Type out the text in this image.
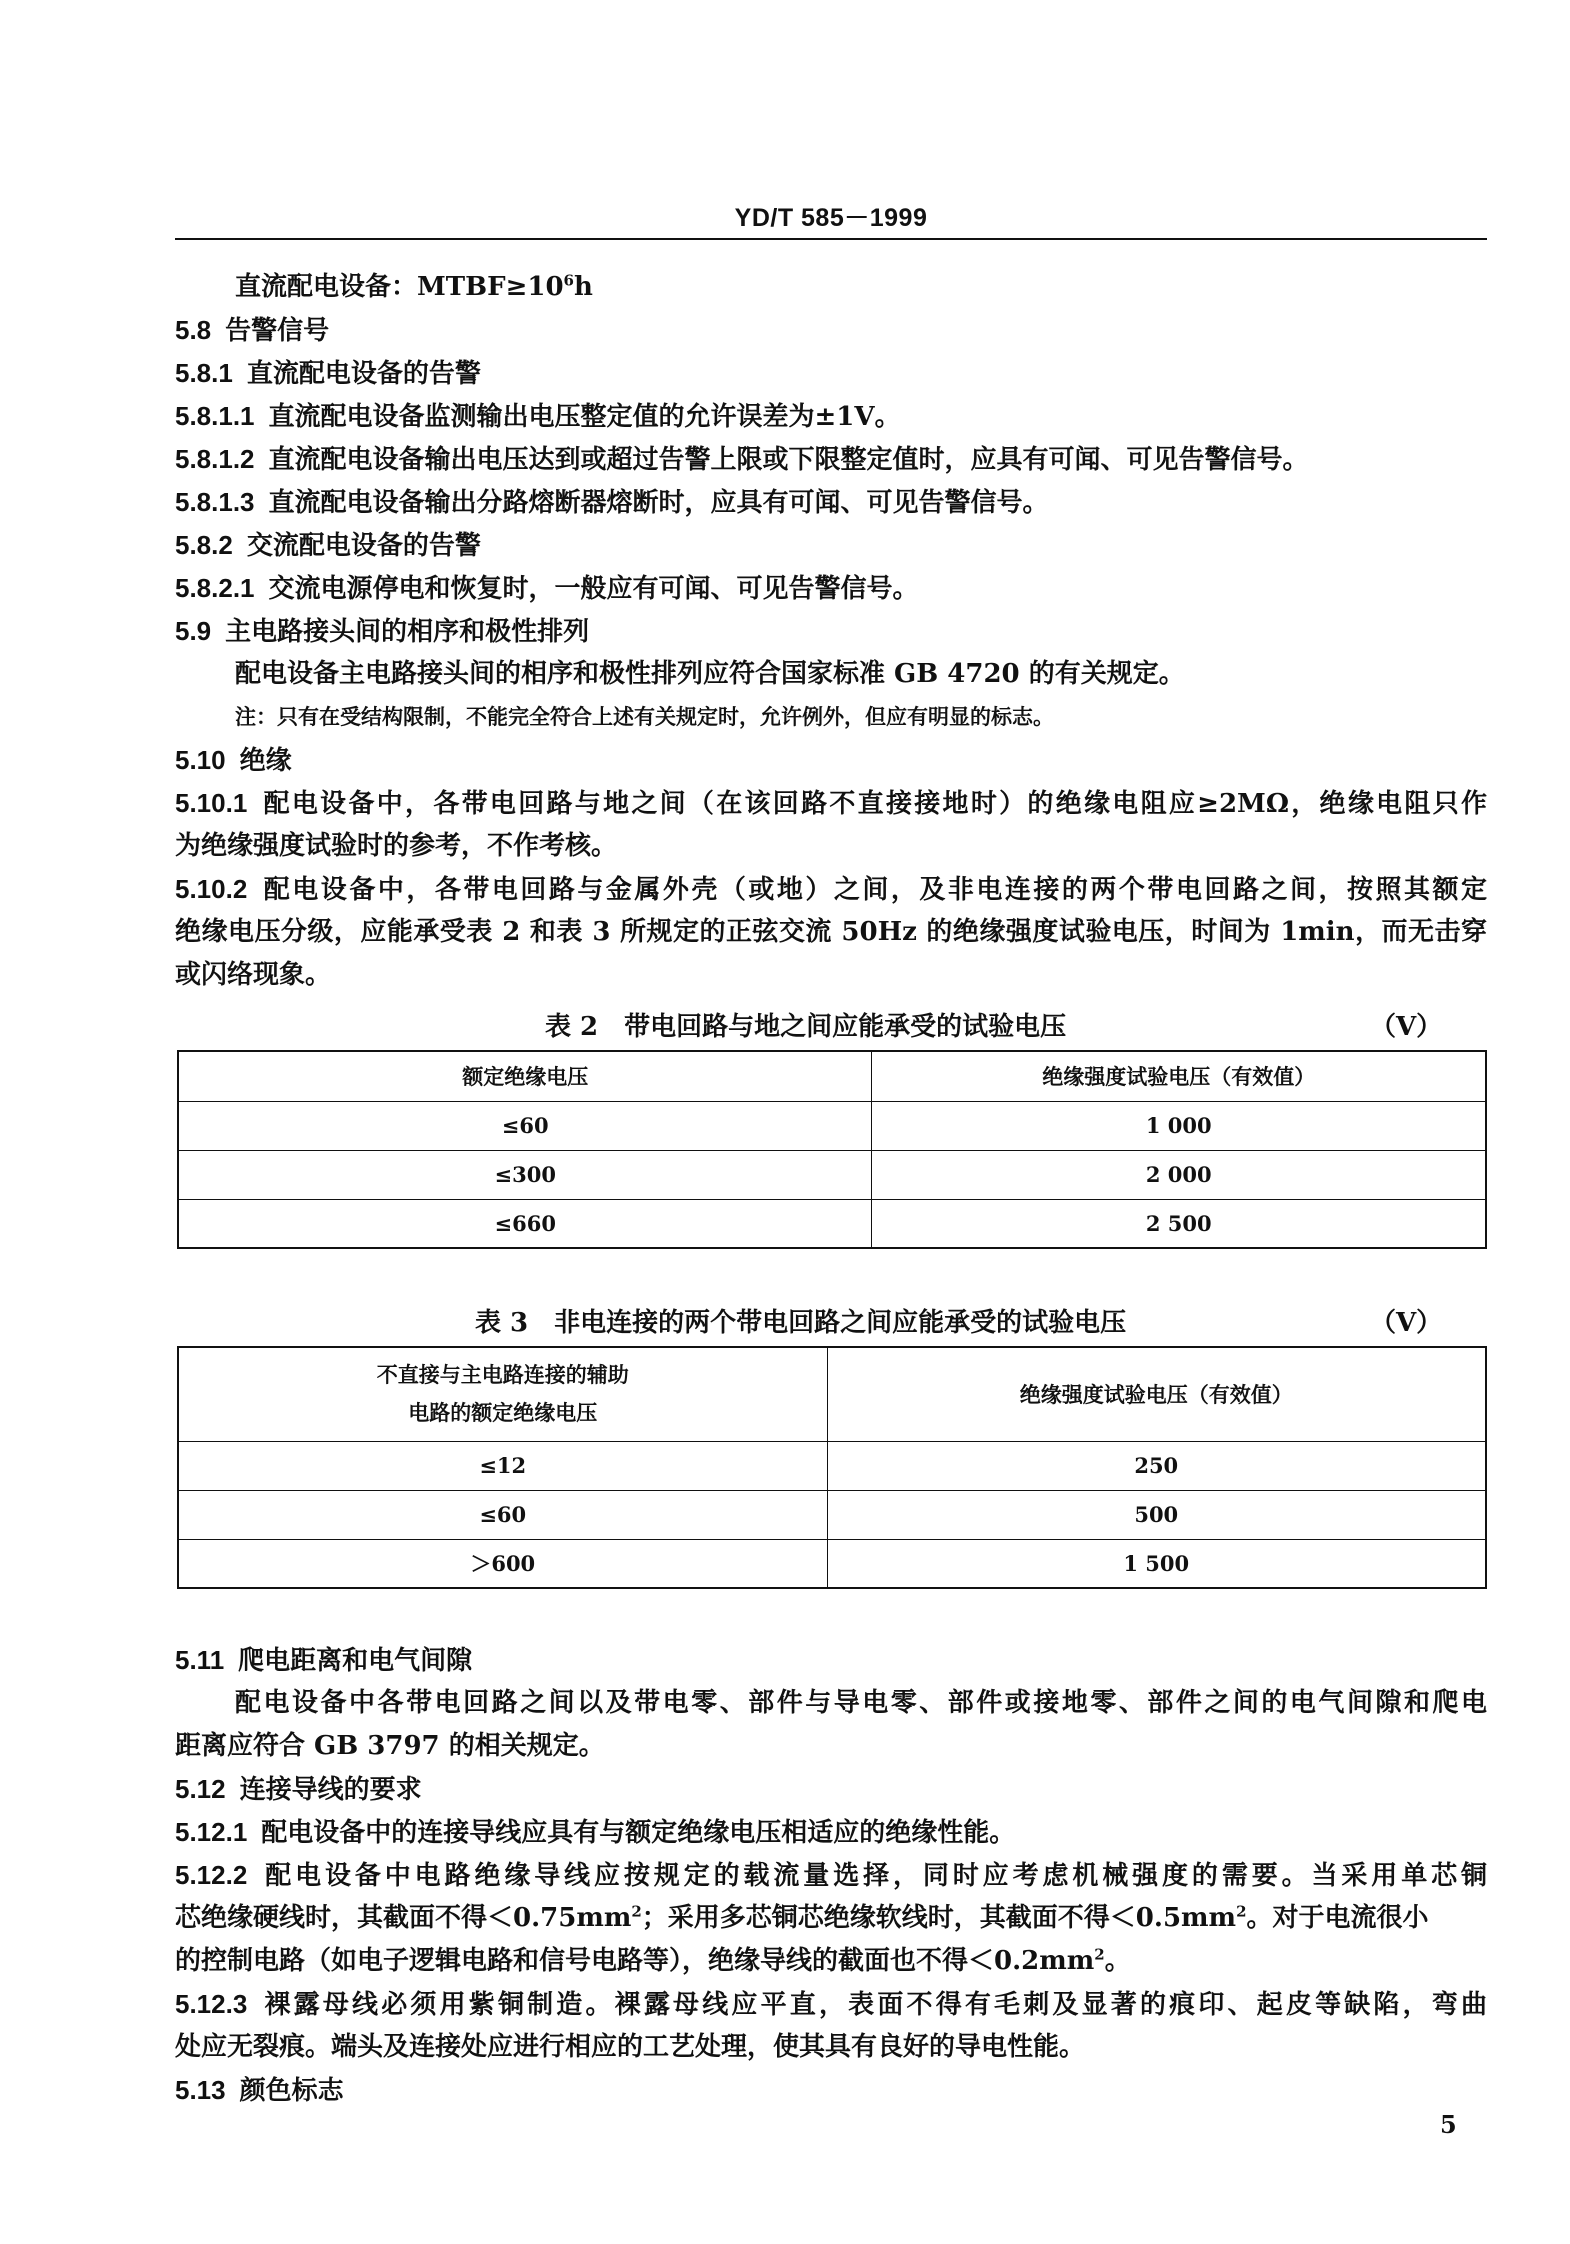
YD/T 585－1999
直流配电设备：$MTBF\ge 10^6h$
5.8 告警信号
5.8.1 直流配电设备的告警
5.8.1.1 直流配电设备监测输出电压整定值的允许误差为±1V。
5.8.1.2 直流配电设备输出电压达到或超过告警上限或下限整定值时，应具有可闻、可见告警信号。
5.8.1.3 直流配电设备输出分路熔断器熔断时，应具有可闻、可见告警信号。
5.8.2 交流配电设备的告警
5.8.2.1 交流电源停电和恢复时，一般应有可闻、可见告警信号。
5.9 主电路接头间的相序和极性排列
配电设备主电路接头间的相序和极性排列应符合国家标准 GB 4720 的有关规定。
注：只有在受结构限制，不能完全符合上述有关规定时，允许例外，但应有明显的标志。
5.10 绝缘
5.10.1 配电设备中，各带电回路与地之间（在该回路不直接接地时）的绝缘电阻应≥2MΩ，绝缘电阻只作
为绝缘强度试验时的参考，不作考核。
5.10.2 配电设备中，各带电回路与金属外壳（或地）之间，及非电连接的两个带电回路之间，按照其额定
绝缘电压分级，应能承受表 2 和表 3 所规定的正弦交流 50Hz 的绝缘强度试验电压，时间为 1min，而无击穿
或闪络现象。
表 2　带电回路与地之间应能承受的试验电压	（V）
额定绝缘电压	绝缘强度试验电压（有效值）
≤60	1 000
≤300	2 000
≤660	2 500
表 3　非电连接的两个带电回路之间应能承受的试验电压	（V）
不直接与主电路连接的辅助
电路的额定绝缘电压	绝缘强度试验电压（有效值）
≤12	250
≤60	500
＞600	1 500
5.11 爬电距离和电气间隙
配电设备中各带电回路之间以及带电零、部件与导电零、部件或接地零、部件之间的电气间隙和爬电
距离应符合 GB 3797 的相关规定。
5.12 连接导线的要求
5.12.1 配电设备中的连接导线应具有与额定绝缘电压相适应的绝缘性能。
5.12.2 配电设备中电路绝缘导线应按规定的载流量选择，同时应考虑机械强度的需要。当采用单芯铜
芯绝缘硬线时，其截面不得$<0.75mm^2$；采用多芯铜芯绝缘软线时，其截面不得$<0.5mm^2$。对于电流很小
的控制电路（如电子逻辑电路和信号电路等），绝缘导线的截面也不得$<0.2mm^2$。
5.12.3 裸露母线必须用紫铜制造。裸露母线应平直，表面不得有毛刺及显著的痕印、起皮等缺陷，弯曲
处应无裂痕。端头及连接处应进行相应的工艺处理，使其具有良好的导电性能。
5.13 颜色标志
5
